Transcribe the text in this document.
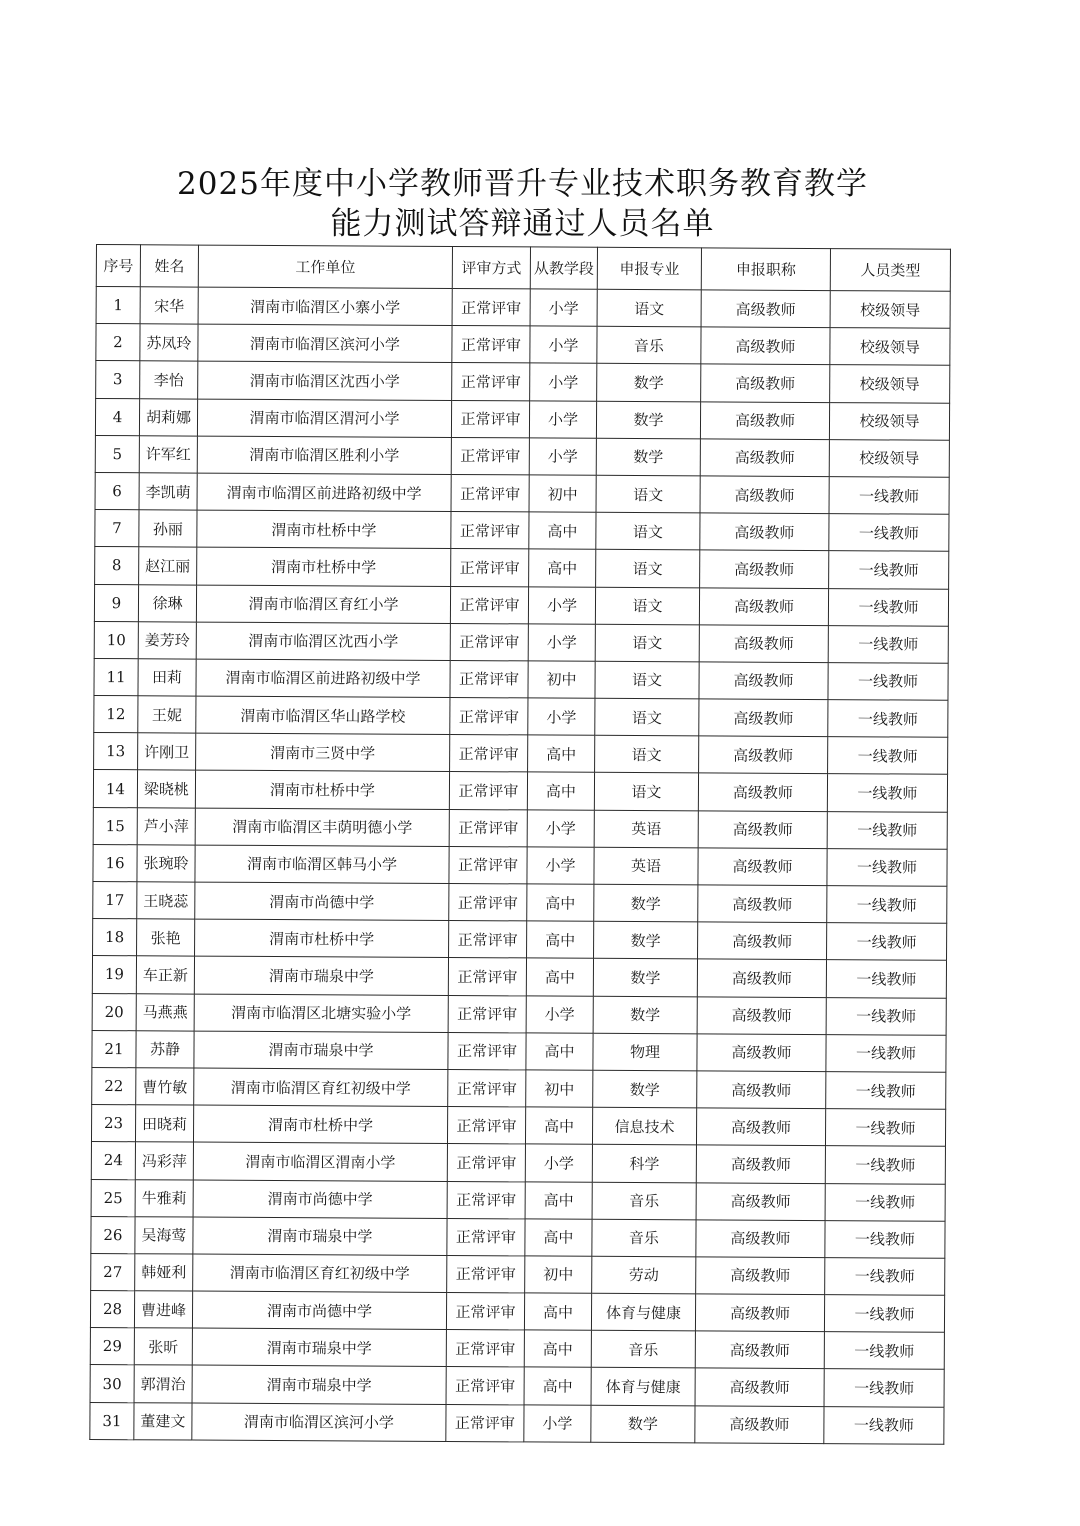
2025年度中小学教师晋升专业技术职务教育教学
能力测试答辩通过人员名单
序号	姓名	工作单位	评审方式	从教学段	申报专业	申报职称	人员类型
1	宋华	渭南市临渭区小寨小学	正常评审	小学	语文	高级教师	校级领导
2	苏凤玲	渭南市临渭区滨河小学	正常评审	小学	音乐	高级教师	校级领导
3	李怡	渭南市临渭区沈西小学	正常评审	小学	数学	高级教师	校级领导
4	胡莉娜	渭南市临渭区渭河小学	正常评审	小学	数学	高级教师	校级领导
5	许军红	渭南市临渭区胜利小学	正常评审	小学	数学	高级教师	校级领导
6	李凯萌	渭南市临渭区前进路初级中学	正常评审	初中	语文	高级教师	一线教师
7	孙丽	渭南市杜桥中学	正常评审	高中	语文	高级教师	一线教师
8	赵江丽	渭南市杜桥中学	正常评审	高中	语文	高级教师	一线教师
9	徐琳	渭南市临渭区育红小学	正常评审	小学	语文	高级教师	一线教师
10	姜芳玲	渭南市临渭区沈西小学	正常评审	小学	语文	高级教师	一线教师
11	田莉	渭南市临渭区前进路初级中学	正常评审	初中	语文	高级教师	一线教师
12	王妮	渭南市临渭区华山路学校	正常评审	小学	语文	高级教师	一线教师
13	许刚卫	渭南市三贤中学	正常评审	高中	语文	高级教师	一线教师
14	梁晓桃	渭南市杜桥中学	正常评审	高中	语文	高级教师	一线教师
15	芦小萍	渭南市临渭区丰荫明德小学	正常评审	小学	英语	高级教师	一线教师
16	张琬聆	渭南市临渭区韩马小学	正常评审	小学	英语	高级教师	一线教师
17	王晓蕊	渭南市尚德中学	正常评审	高中	数学	高级教师	一线教师
18	张艳	渭南市杜桥中学	正常评审	高中	数学	高级教师	一线教师
19	车正新	渭南市瑞泉中学	正常评审	高中	数学	高级教师	一线教师
20	马燕燕	渭南市临渭区北塘实验小学	正常评审	小学	数学	高级教师	一线教师
21	苏静	渭南市瑞泉中学	正常评审	高中	物理	高级教师	一线教师
22	曹竹敏	渭南市临渭区育红初级中学	正常评审	初中	数学	高级教师	一线教师
23	田晓莉	渭南市杜桥中学	正常评审	高中	信息技术	高级教师	一线教师
24	冯彩萍	渭南市临渭区渭南小学	正常评审	小学	科学	高级教师	一线教师
25	牛雅莉	渭南市尚德中学	正常评审	高中	音乐	高级教师	一线教师
26	吴海莺	渭南市瑞泉中学	正常评审	高中	音乐	高级教师	一线教师
27	韩娅利	渭南市临渭区育红初级中学	正常评审	初中	劳动	高级教师	一线教师
28	曹进峰	渭南市尚德中学	正常评审	高中	体育与健康	高级教师	一线教师
29	张昕	渭南市瑞泉中学	正常评审	高中	音乐	高级教师	一线教师
30	郭渭治	渭南市瑞泉中学	正常评审	高中	体育与健康	高级教师	一线教师
31	董建文	渭南市临渭区滨河小学	正常评审	小学	数学	高级教师	一线教师
